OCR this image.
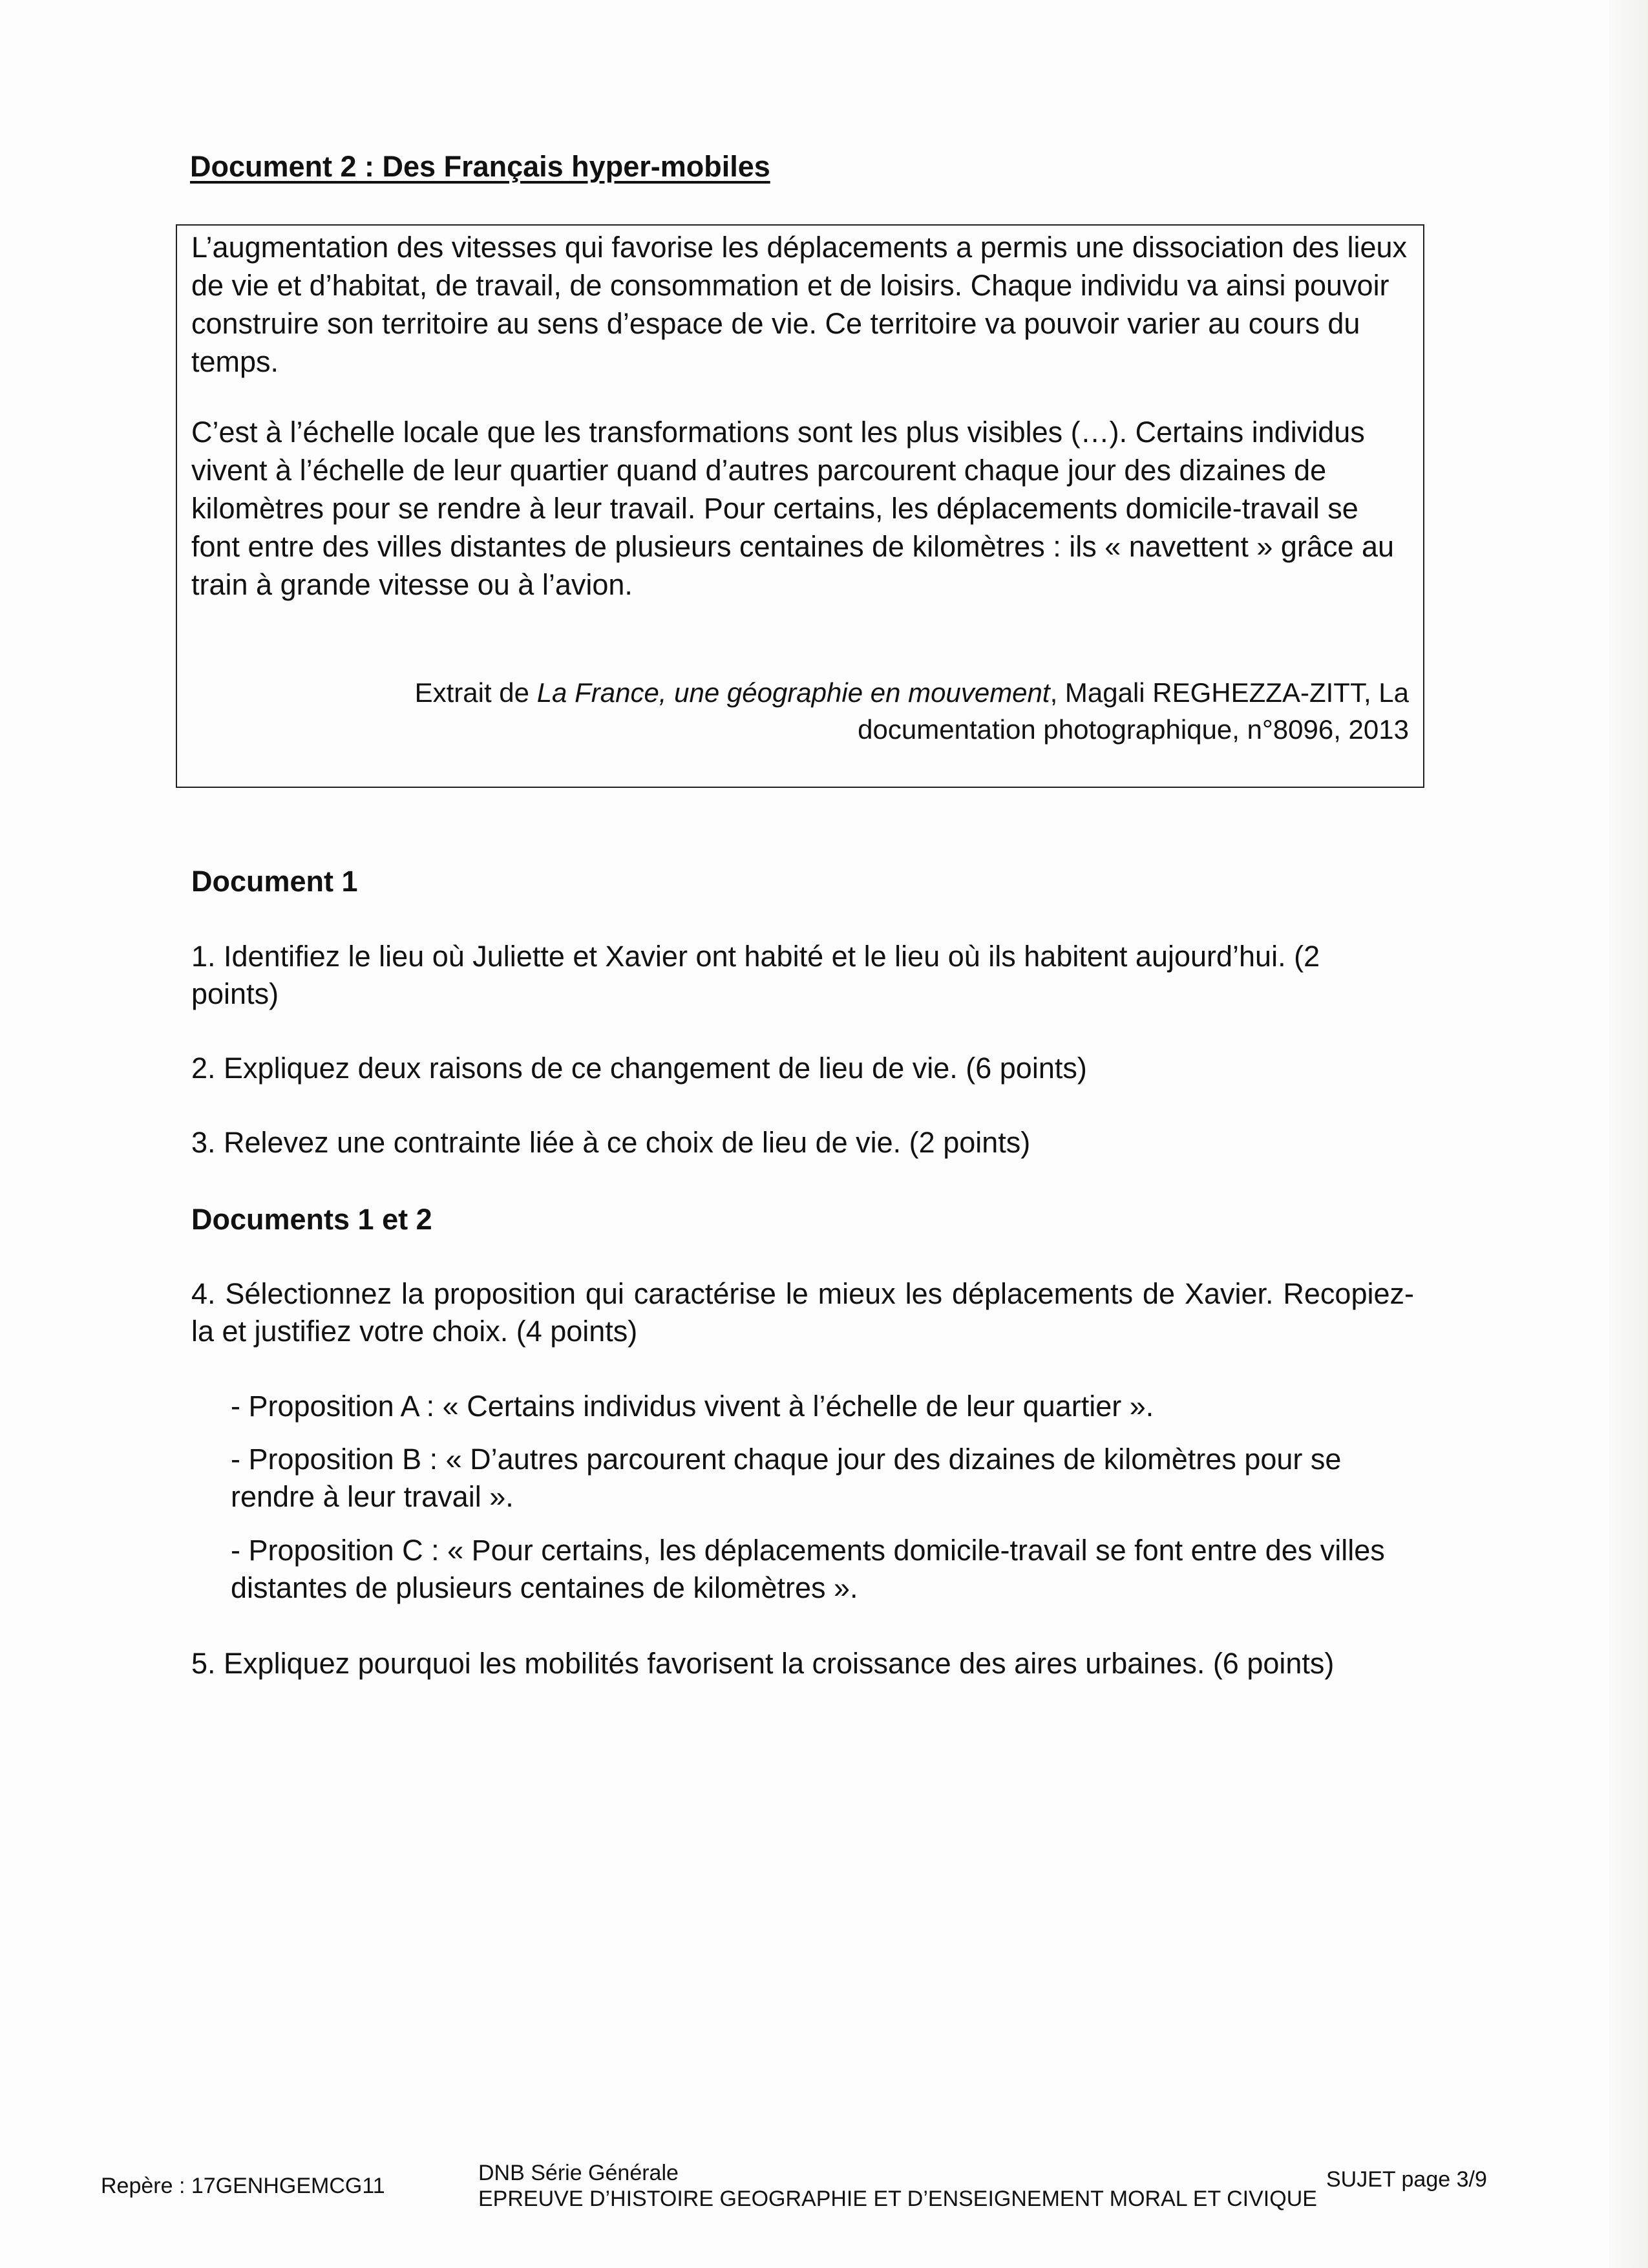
Document 2 : Des Français hyper-mobiles

L’augmentation des vitesses qui favorise les déplacements a permis une dissociation des lieux de vie et d’habitat, de travail, de consommation et de loisirs. Chaque individu va ainsi pouvoir construire son territoire au sens d’espace de vie. Ce territoire va pouvoir varier au cours du temps.

C’est à l’échelle locale que les transformations sont les plus visibles (…). Certains individus vivent à l’échelle de leur quartier quand d’autres parcourent chaque jour des dizaines de kilomètres pour se rendre à leur travail. Pour certains, les déplacements domicile-travail se font entre des villes distantes de plusieurs centaines de kilomètres : ils « navettent » grâce au train à grande vitesse ou à l’avion.

Extrait de La France, une géographie en mouvement, Magali REGHEZZA-ZITT, La
documentation photographique, n°8096, 2013

Document 1

1. Identifiez le lieu où Juliette et Xavier ont habité et le lieu où ils habitent aujourd’hui. (2 points)

2. Expliquez deux raisons de ce changement de lieu de vie. (6 points)

3. Relevez une contrainte liée à ce choix de lieu de vie. (2 points)

Documents 1 et 2

4. Sélectionnez la proposition qui caractérise le mieux les déplacements de Xavier. Recopiez-la et justifiez votre choix. (4 points)

- Proposition A : « Certains individus vivent à l’échelle de leur quartier ».

- Proposition B : « D’autres parcourent chaque jour des dizaines de kilomètres pour se rendre à leur travail ».

- Proposition C : « Pour certains, les déplacements domicile-travail se font entre des villes distantes de plusieurs centaines de kilomètres ».

5. Expliquez pourquoi les mobilités favorisent la croissance des aires urbaines. (6 points)

Repère : 17GENHGEMCG11

DNB Série Générale
EPREUVE D’HISTOIRE GEOGRAPHIE ET D’ENSEIGNEMENT MORAL ET CIVIQUE

SUJET page 3/9
